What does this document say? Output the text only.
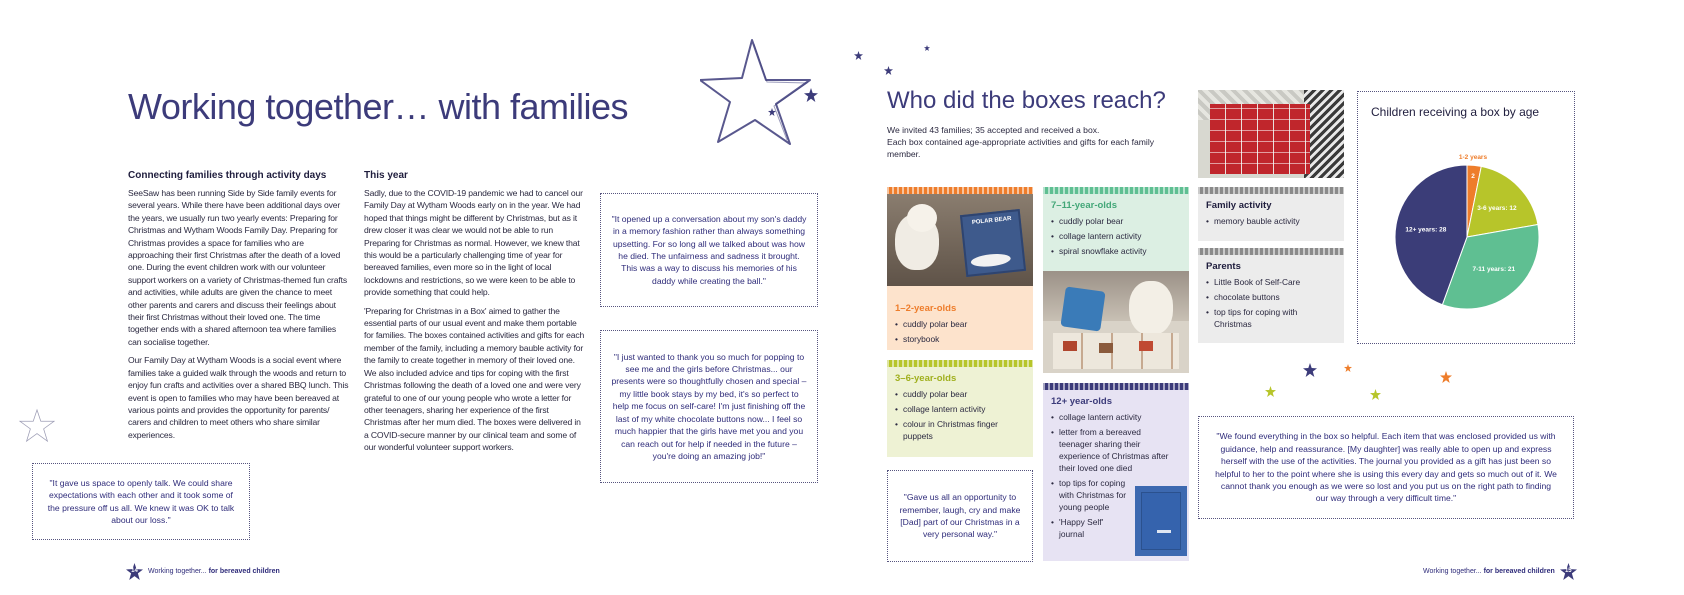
Working together… with families
Connecting families through activity days

SeeSaw has been running Side by Side family events for several years. While there have been additional days over the years, we usually run two yearly events: Preparing for Christmas and Wytham Woods Family Day. Preparing for Christmas provides a space for families who are approaching their first Christmas after the death of a loved one. During the event children work with our volunteer support workers on a variety of Christmas-themed fun crafts and activities, while adults are given the chance to meet other parents and carers and discuss their feelings about their first Christmas without their loved one. The time together ends with a shared afternoon tea where families can socialise together.

Our Family Day at Wytham Woods is a social event where families take a guided walk through the woods and return to enjoy fun crafts and activities over a shared BBQ lunch. This event is open to families who may have been bereaved at various points and provides the opportunity for parents/ carers and children to meet others who share similar experiences.

This year

Sadly, due to the COVID-19 pandemic we had to cancel our Family Day at Wytham Woods early on in the year. We had hoped that things might be different by Christmas, but as it drew closer it was clear we would not be able to run Preparing for Christmas as normal. However, we knew that this would be a particularly challenging time of year for bereaved families, even more so in the light of local lockdowns and restrictions, so we were keen to be able to provide something that could help.

'Preparing for Christmas in a Box' aimed to gather the essential parts of our usual event and make them portable for families. The boxes contained activities and gifts for each member of the family, including a memory bauble activity for the family to create together in memory of their loved one. We also included advice and tips for coping with the first Christmas following the death of a loved one and were very grateful to one of our young people who wrote a letter for other teenagers, sharing her experience of the first Christmas after her mum died. The boxes were delivered in a COVID-secure manner by our clinical team and some of our wonderful volunteer support workers.

"It gave us space to openly talk. We could share expectations with each other and it took some of the pressure off us all. We knew it was OK to talk about our loss."
"It opened up a conversation about my son's daddy in a memory fashion rather than always something upsetting. For so long all we talked about was how he died. The unfairness and sadness it brought. This was a way to discuss his memories of his daddy while creating the ball."
"I just wanted to thank you so much for popping to see me and the girls before Christmas... our presents were so thoughtfully chosen and special – my little book stays by my bed, it's so perfect to help me focus on self-care! I'm just finishing off the last of my white chocolate buttons now... I feel so much happier that the girls have met you and you can reach out for help if needed in the future – you're doing an amazing job!"
14	Working together... for bereaved children
Who did the boxes reach?
We invited 43 families; 35 accepted and received a box.
Each box contained age-appropriate activities and gifts for each family member.
POLAR BEAR
1–2-year-olds
• cuddly polar bear
• storybook
3–6-year-olds
• cuddly polar bear
• collage lantern activity
• colour in Christmas finger puppets
7–11-year-olds
• cuddly polar bear
• collage lantern activity
• spiral snowflake activity
12+ year-olds
• collage lantern activity
• letter from a bereaved teenager sharing their experience of Christmas after their loved one died
• top tips for coping with Christmas for young people
• 'Happy Self' journal
Family activity
• memory bauble activity
Parents
• Little Book of Self-Care
• chocolate buttons
• top tips for coping with Christmas
Children receiving a box by age
2
3-6 years: 12
7-11 years: 21
12+ years: 28
1-2 years
"Gave us all an opportunity to remember, laugh, cry and make [Dad] part of our Christmas in a very personal way."
"We found everything in the box so helpful. Each item that was enclosed provided us with guidance, help and reassurance. [My daughter] was really able to open up and express herself with the use of the activities. The journal you provided as a gift has just been so helpful to her to the point where she is using this every day and gets so much out of it. We cannot thank you enough as we were so lost and you put us on the right path to finding our way through a very difficult time."
Working together... for bereaved children	15
